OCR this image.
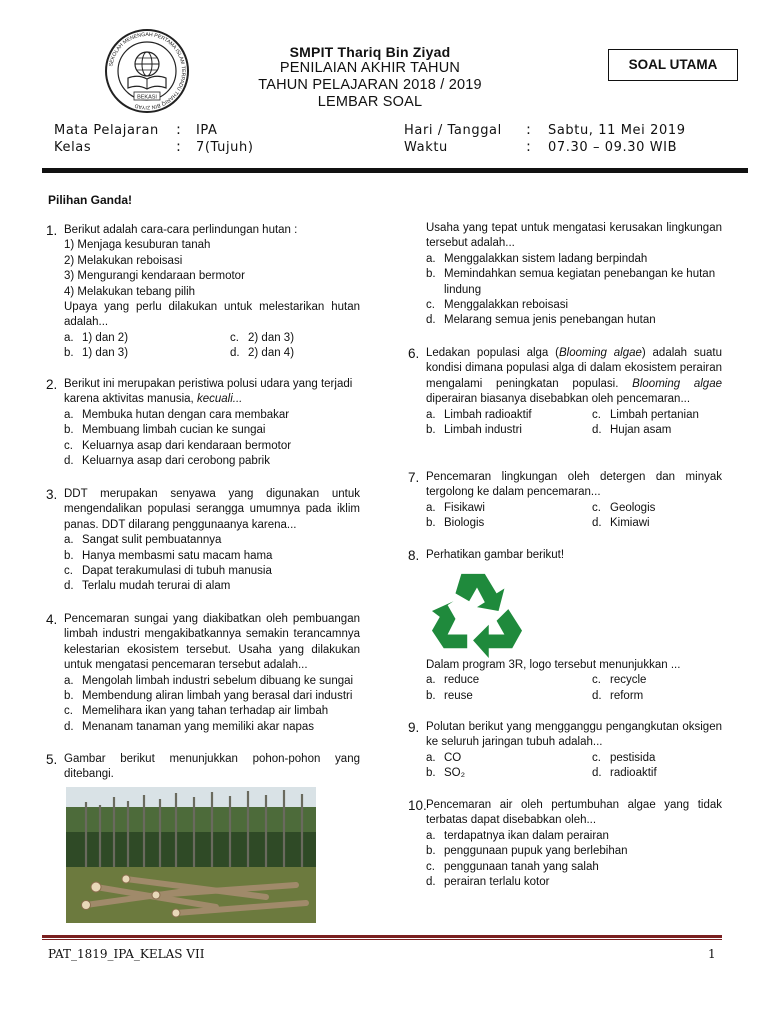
SEKOLAH MENENGAH PERTAMA ISLAM TERPADU THARIQ BIN ZIYAD
BEKASI
SMPIT Thariq Bin Ziyad
PENILAIAN AKHIR TAHUN
TAHUN PELAJARAN 2018 / 2019
LEMBAR SOAL
SOAL UTAMA
Mata Pelajaran : IPA
Kelas	: 7(Tujuh)
Hari / Tanggal : Sabtu, 11 Mei 2019
Waktu	: 07.30 – 09.30 WIB
Pilihan Ganda!
1. Berikut adalah cara-cara perlindungan hutan :
1) Menjaga kesuburan tanah
2) Melakukan reboisasi
3) Mengurangi kendaraan bermotor
4) Melakukan tebang pilih
Upaya yang perlu dilakukan untuk melestarikan hutan adalah...
a. 1) dan 2)	c. 2) dan 3)
b. 1) dan 3)	d. 2) dan 4)
2. Berikut ini merupakan peristiwa polusi udara yang terjadi karena aktivitas manusia, kecuali...
a. Membuka hutan dengan cara membakar
b. Membuang limbah cucian ke sungai
c. Keluarnya asap dari kendaraan bermotor
d. Keluarnya asap dari cerobong pabrik
3. DDT merupakan senyawa yang digunakan untuk mengendalikan populasi serangga umumnya pada iklim panas. DDT dilarang penggunaanya karena...
a. Sangat sulit pembuatannya
b. Hanya membasmi satu macam hama
c. Dapat terakumulasi di tubuh manusia
d. Terlalu mudah terurai di alam
4. Pencemaran sungai yang diakibatkan oleh pembuangan limbah industri mengakibatkannya semakin terancamnya kelestarian ekosistem tersebut. Usaha yang dilakukan untuk mengatasi pencemaran tersebut adalah...
a. Mengolah limbah industri sebelum dibuang ke sungai
b. Membendung aliran limbah yang berasal dari industri
c. Memelihara ikan yang tahan terhadap air limbah
d. Menanam tanaman yang memiliki akar napas
5. Gambar berikut menunjukkan pohon-pohon yang ditebangi.
Usaha yang tepat untuk mengatasi kerusakan lingkungan tersebut adalah...
a. Menggalakkan sistem ladang berpindah
b. Memindahkan semua kegiatan penebangan ke hutan lindung
c. Menggalakkan reboisasi
d. Melarang semua jenis penebangan hutan
6. Ledakan populasi alga (Blooming algae) adalah suatu kondisi dimana populasi alga di dalam ekosistem perairan mengalami peningkatan populasi. Blooming algae diperairan biasanya disebabkan oleh pencemaran...
a. Limbah radioaktif	c. Limbah pertanian
b. Limbah industri	d. Hujan asam
7. Pencemaran lingkungan oleh detergen dan minyak tergolong ke dalam pencemaran...
a. Fisikawi	c. Geologis
b. Biologis	d. Kimiawi
8. Perhatikan gambar berikut!
Dalam program 3R, logo tersebut menunjukkan ...
a. reduce	c. recycle
b. reuse	d. reform
9. Polutan berikut yang mengganggu pengangkutan oksigen ke seluruh jaringan tubuh adalah...
a. CO	c. pestisida
b. SO₂	d. radioaktif
10. Pencemaran air oleh pertumbuhan algae yang tidak terbatas dapat disebabkan oleh...
a. terdapatnya ikan dalam perairan
b. penggunaan pupuk yang berlebihan
c. penggunaan tanah yang salah
d. perairan terlalu kotor
PAT_1819_IPA_KELAS VII	1
